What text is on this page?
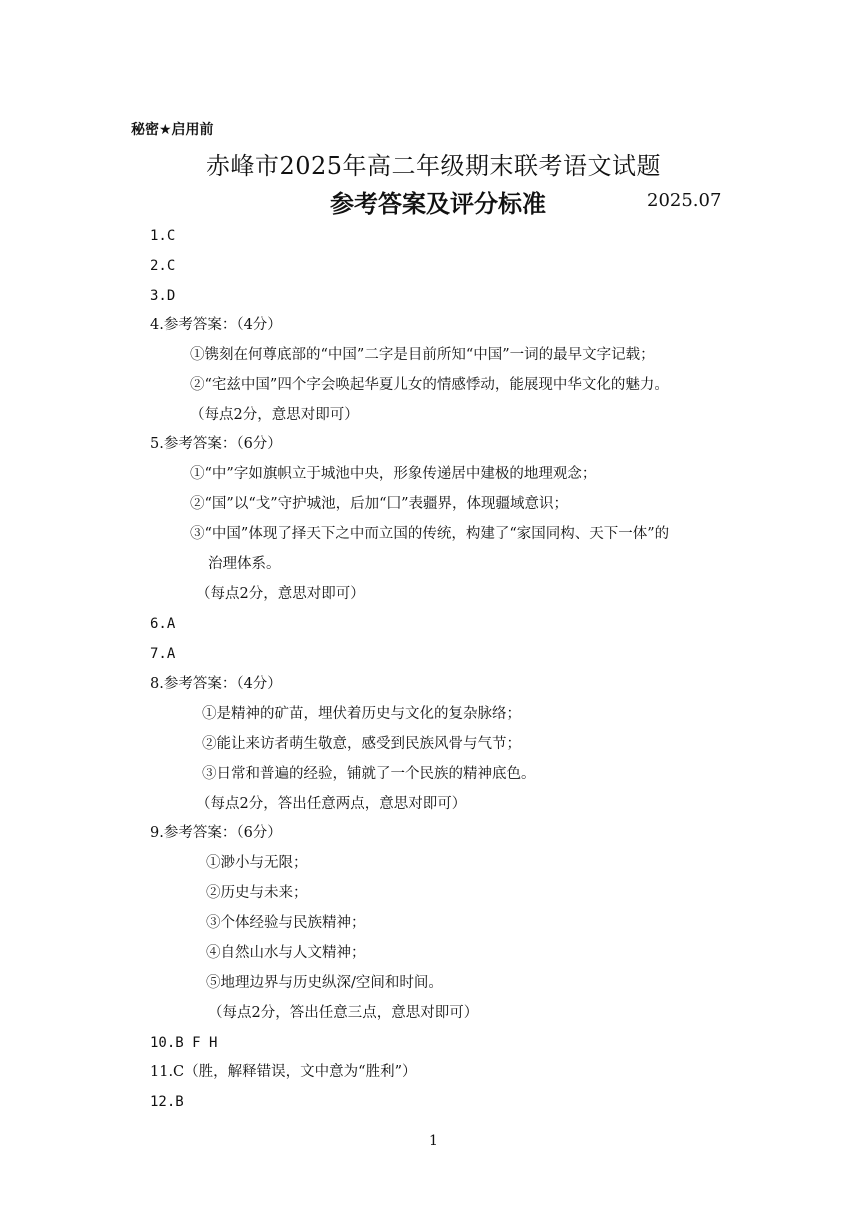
秘密★启用前
赤峰市2025年高二年级期末联考语文试题
参考答案及评分标准	2025.07
1.C
2.C
3.D
4.参考答案：（4分）
①镌刻在何尊底部的“中国”二字是目前所知“中国”一词的最早文字记载；
②“宅兹中国”四个字会唤起华夏儿女的情感悸动，能展现中华文化的魅力。
（每点2分，意思对即可）
5.参考答案：（6分）
①“中”字如旗帜立于城池中央，形象传递居中建极的地理观念；
②“国”以“戈”守护城池，后加“囗”表疆界，体现疆域意识；
③“中国”体现了择天下之中而立国的传统，构建了“家国同构、天下一体”的
治理体系。
（每点2分，意思对即可）
6.A
7.A
8.参考答案：（4分）
①是精神的矿苗，埋伏着历史与文化的复杂脉络；
②能让来访者萌生敬意，感受到民族风骨与气节；
③日常和普遍的经验，铺就了一个民族的精神底色。
（每点2分，答出任意两点，意思对即可）
9.参考答案：（6分）
①渺小与无限；
②历史与未来；
③个体经验与民族精神；
④自然山水与人文精神；
⑤地理边界与历史纵深/空间和时间。
（每点2分，答出任意三点，意思对即可）
10.B F H
11.C（胜，解释错误，文中意为“胜利”）
12.B
1
